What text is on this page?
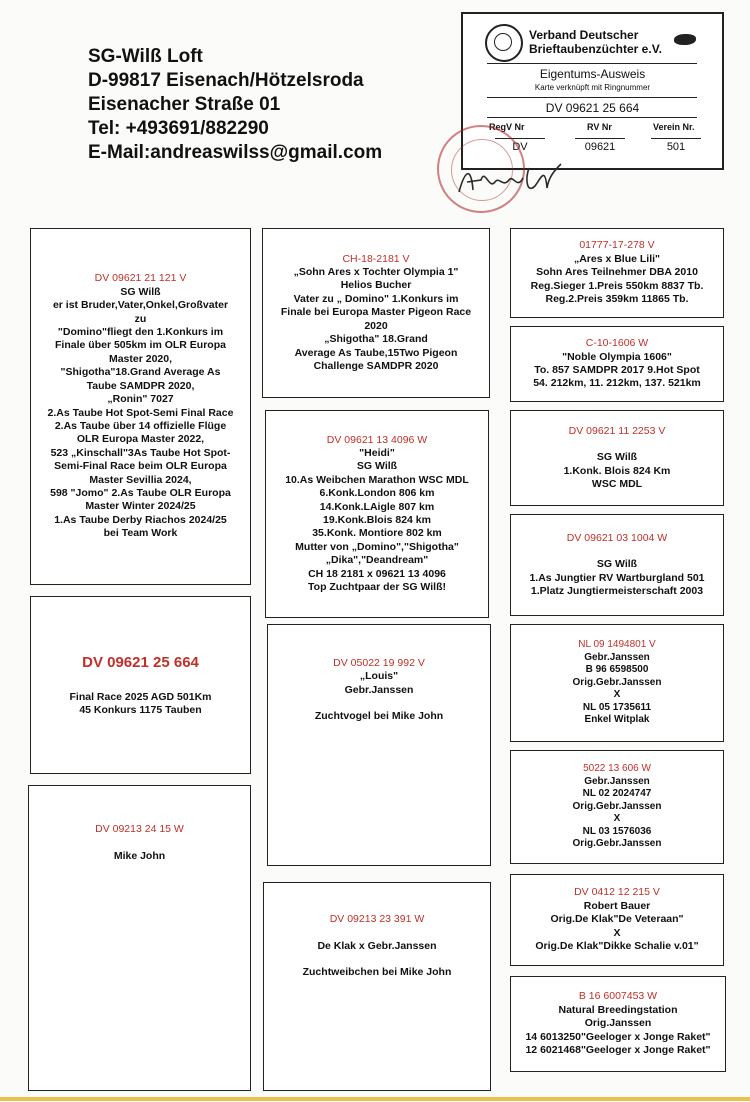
SG-Wilß Loft
D-99817 Eisenach/Hötzelsroda
Eisenacher Straße 01
Tel: +493691/882290
E-Mail:andreaswilss@gmail.com
Verband Deutscher
Brieftaubenzüchter e.V.
Eigentums-Ausweis
Karte verknüpft mit Ringnummer
DV 09621 25 664
RegV Nr	RV Nr	Verein Nr.
DV	09621	501
DV 09621 21 121 V
SG Wilß
er ist Bruder,Vater,Onkel,Großvater
zu
"Domino"fliegt den 1.Konkurs im
Finale über 505km im OLR Europa
Master 2020,
"Shigotha"18.Grand Average As
Taube SAMDPR 2020,
„Ronin" 7027
2.As Taube Hot Spot-Semi Final Race
2.As Taube über 14 offizielle Flüge
OLR Europa Master 2022,
523 „Kinschall"3As Taube Hot Spot-
Semi-Final Race beim OLR Europa
Master Sevillia 2024,
598 "Jomo" 2.As Taube OLR Europa
Master Winter 2024/25
1.As Taube Derby Riachos 2024/25
bei Team Work
DV 09621 25 664
Final Race 2025 AGD 501Km
45 Konkurs 1175 Tauben
DV 09213 24 15 W
Mike John
CH-18-2181 V
„Sohn Ares x Tochter Olympia 1"
Helios Bucher
Vater zu „ Domino" 1.Konkurs im
Finale bei Europa Master Pigeon Race
2020
„Shigotha" 18.Grand
Average As Taube,15Two Pigeon
Challenge SAMDPR 2020
DV 09621 13 4096 W
"Heidi"
SG Wilß
10.As Weibchen Marathon WSC MDL
6.Konk.London 806 km
14.Konk.LAigle 807 km
19.Konk.Blois 824 km
35.Konk. Montiore 802 km
Mutter von „Domino","Shigotha"
„Dika","Deandream"
CH 18 2181 x 09621 13 4096
Top Zuchtpaar der SG Wilß!
DV 05022 19 992 V
„Louis"
Gebr.Janssen
Zuchtvogel bei Mike John
DV 09213 23 391 W
De Klak x Gebr.Janssen
Zuchtweibchen bei Mike John
01777-17-278 V
„Ares x Blue Lili"
Sohn Ares Teilnehmer DBA 2010
Reg.Sieger 1.Preis 550km 8837 Tb.
Reg.2.Preis 359km 11865 Tb.
C-10-1606 W
"Noble Olympia 1606"
To. 857 SAMDPR 2017 9.Hot Spot
54. 212km, 11. 212km, 137. 521km
DV 09621 11 2253 V
SG Wilß
1.Konk. Blois 824 Km
WSC MDL
DV 09621 03 1004 W
SG Wilß
1.As Jungtier RV Wartburgland 501
1.Platz Jungtiermeisterschaft 2003
NL 09 1494801 V
Gebr.Janssen
B 96 6598500
Orig.Gebr.Janssen
X
NL 05 1735611
Enkel Witplak
5022 13 606 W
Gebr.Janssen
NL 02 2024747
Orig.Gebr.Janssen
X
NL 03 1576036
Orig.Gebr.Janssen
DV 0412 12 215 V
Robert Bauer
Orig.De Klak"De Veteraan"
X
Orig.De Klak"Dikke Schalie v.01"
B 16 6007453 W
Natural Breedingstation
Orig.Janssen
14 6013250"Geeloger x Jonge Raket"
12 6021468"Geeloger x Jonge Raket"
